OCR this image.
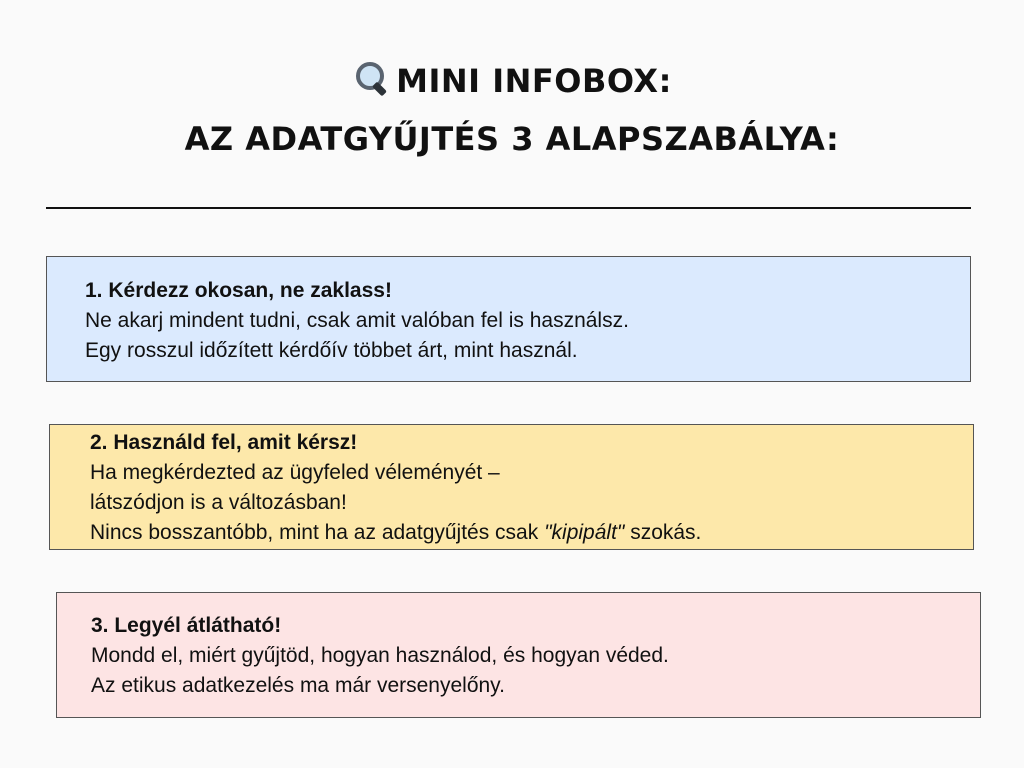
MINI INFOBOX:
AZ ADATGYŰJTÉS 3 ALAPSZABÁLYA:
1. Kérdezz okosan, ne zaklass!
Ne akarj mindent tudni, csak amit valóban fel is használsz.
Egy rosszul időzített kérdőív többet árt, mint használ.
2. Használd fel, amit kérsz!
Ha megkérdezted az ügyfeled véleményét –
látszódjon is a változásban!
Nincs bosszantóbb, mint ha az adatgyűjtés csak "kipipált" szokás.
3. Legyél átlátható!
Mondd el, miért gyűjtöd, hogyan használod, és hogyan véded.
Az etikus adatkezelés ma már versenyelőny.
